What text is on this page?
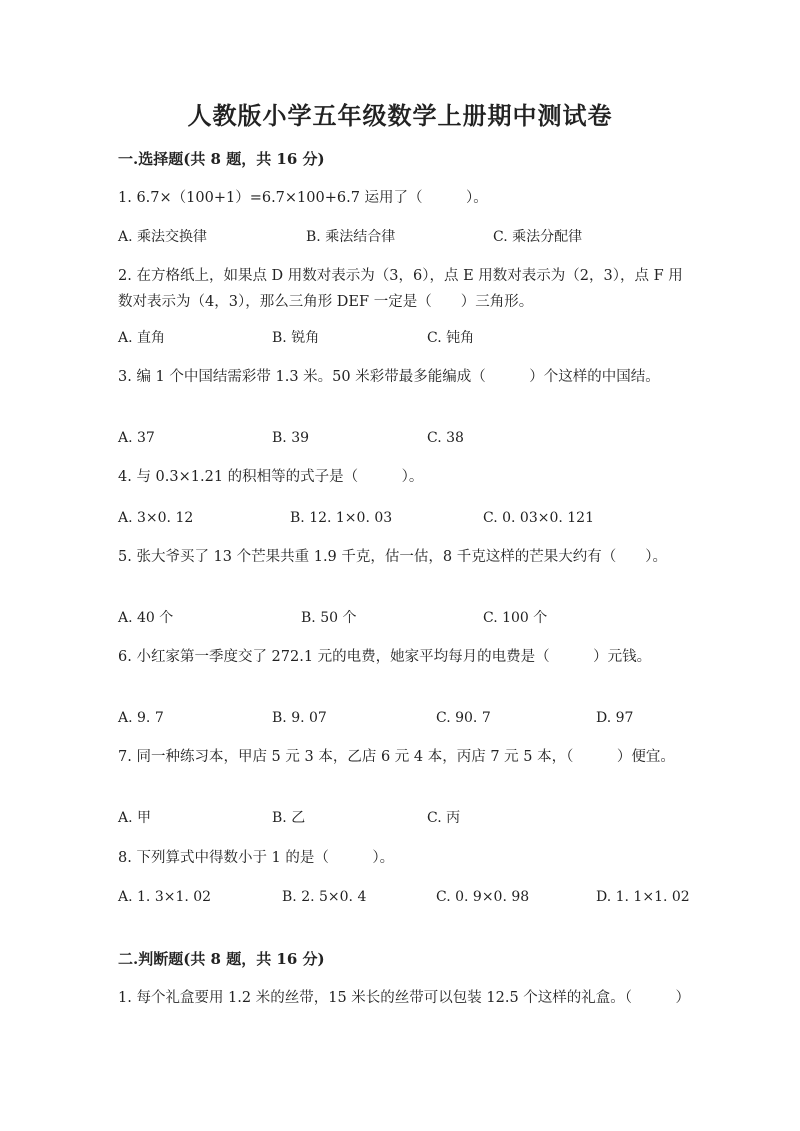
人教版小学五年级数学上册期中测试卷
一.选择题(共 8 题，共 16 分)
1. 6.7×（100+1）=6.7×100+6.7 运用了（　　　）。
A. 乘法交换律	B. 乘法结合律	C. 乘法分配律
2. 在方格纸上，如果点 D 用数对表示为（3，6），点 E 用数对表示为（2，3），点 F 用数对表示为（4，3），那么三角形 DEF 一定是（　　）三角形。
A. 直角	B. 锐角	C. 钝角
3. 编 1 个中国结需彩带 1.3 米。50 米彩带最多能编成（　　　）个这样的中国结。
A. 37	B. 39	C. 38
4. 与 0.3×1.21 的积相等的式子是（　　　）。
A. 3×0. 12	B. 12. 1×0. 03	C. 0. 03×0. 121
5. 张大爷买了 13 个芒果共重 1.9 千克，估一估，8 千克这样的芒果大约有（　　）。
A. 40 个	B. 50 个	C. 100 个
6. 小红家第一季度交了 272.1 元的电费，她家平均每月的电费是（　　　）元钱。
A. 9. 7	B. 9. 07	C. 90. 7	D. 97
7. 同一种练习本，甲店 5 元 3 本，乙店 6 元 4 本，丙店 7 元 5 本，（　　　）便宜。
A. 甲	B. 乙	C. 丙
8. 下列算式中得数小于 1 的是（　　　）。
A. 1. 3×1. 02	B. 2. 5×0. 4	C. 0. 9×0. 98	D. 1. 1×1. 02
二.判断题(共 8 题，共 16 分)
1. 每个礼盒要用 1.2 米的丝带，15 米长的丝带可以包装 12.5 个这样的礼盒。（　　　）
